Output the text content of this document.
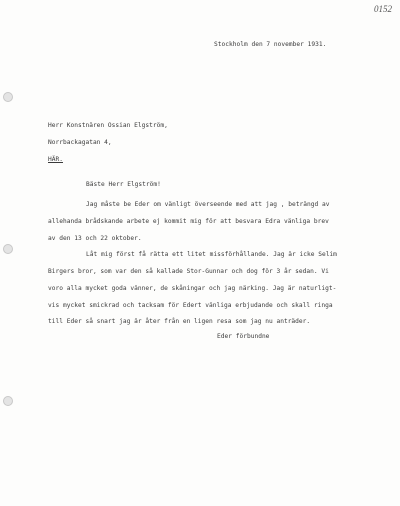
0152
Stockholm den 7 november 1931.
Herr Konstnären Ossian Elgström,
Norrbackagatan 4,
HÄR.
Bäste Herr Elgström!
Jag måste be Eder om vänligt överseende med att jag , beträngd av
allehanda brådskande arbete ej kommit mig för att besvara Edra vänliga brev
av den 13 och 22 oktober.
Låt mig först få rätta ett litet missförhållande. Jag är icke Selim
Birgers bror, som var den så kallade Stor-Gunnar och dog för 3 år sedan. Vi
voro alla mycket goda vänner, de skåningar och jag närking. Jag är naturligt-
vis mycket smickrad och tacksam för Edert vänliga erbjudande och skall ringa
till Eder så snart jag är åter från en ligen resa som jag nu anträder.
Eder förbundne
